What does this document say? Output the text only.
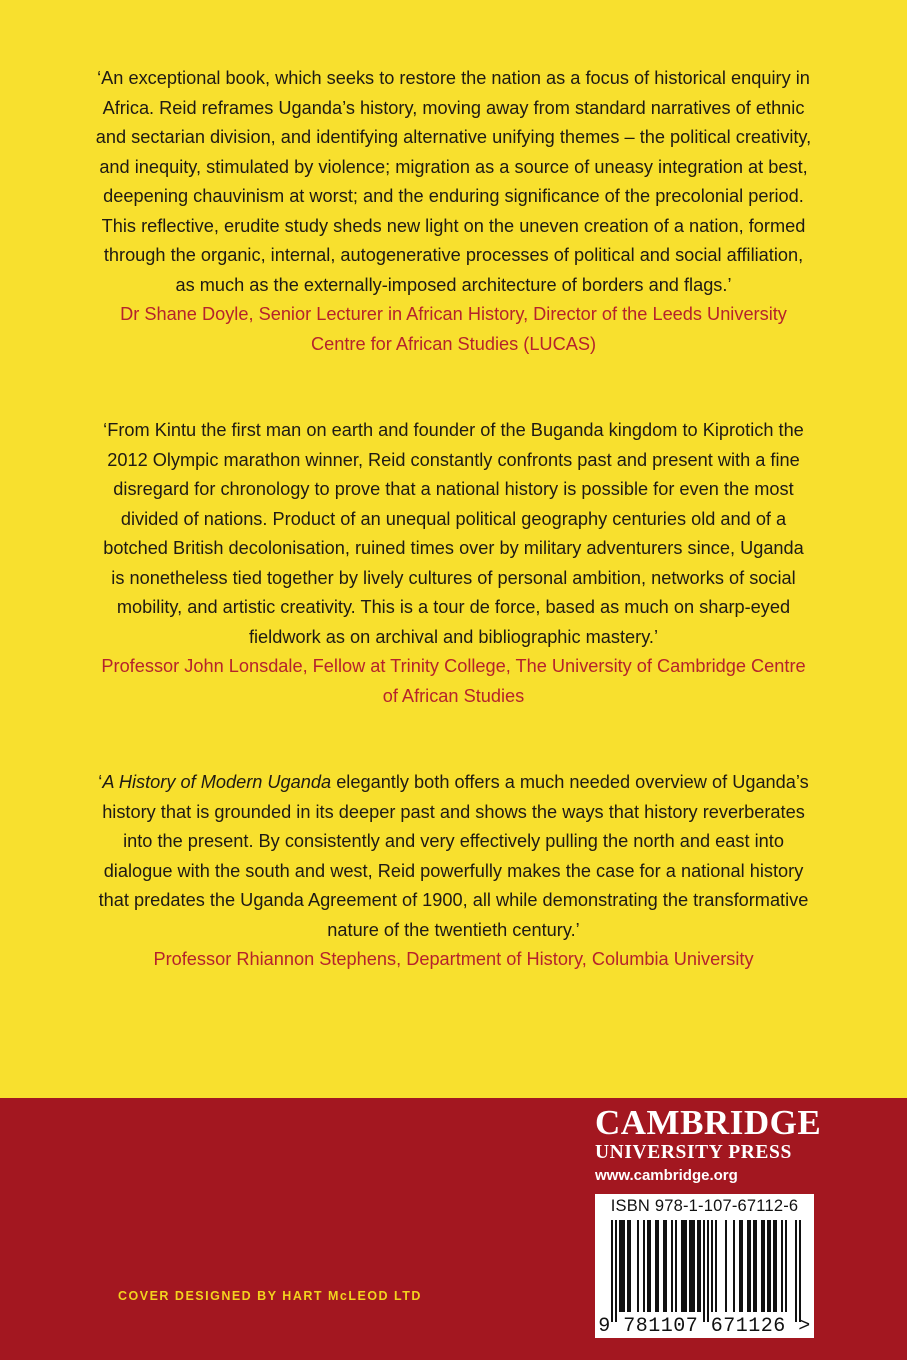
‘An exceptional book, which seeks to restore the nation as a focus of historical enquiry in Africa. Reid reframes Uganda’s history, moving away from standard narratives of ethnic and sectarian division, and identifying alternative unifying themes – the political creativity, and inequity, stimulated by violence; migration as a source of uneasy integration at best, deepening chauvinism at worst; and the enduring significance of the precolonial period. This reflective, erudite study sheds new light on the uneven creation of a nation, formed through the organic, internal, autogenerative processes of political and social affiliation, as much as the externally-imposed architecture of borders and flags.’

Dr Shane Doyle, Senior Lecturer in African History, Director of the Leeds University Centre for African Studies (LUCAS)

‘From Kintu the first man on earth and founder of the Buganda kingdom to Kiprotich the 2012 Olympic marathon winner, Reid constantly confronts past and present with a fine disregard for chronology to prove that a national history is possible for even the most divided of nations. Product of an unequal political geography centuries old and of a botched British decolonisation, ruined times over by military adventurers since, Uganda is nonetheless tied together by lively cultures of personal ambition, networks of social mobility, and artistic creativity. This is a tour de force, based as much on sharp-eyed fieldwork as on archival and bibliographic mastery.’

Professor John Lonsdale, Fellow at Trinity College, The University of Cambridge Centre of African Studies

‘A History of Modern Uganda elegantly both offers a much needed overview of Uganda’s history that is grounded in its deeper past and shows the ways that history reverberates into the present. By consistently and very effectively pulling the north and east into dialogue with the south and west, Reid powerfully makes the case for a national history that predates the Uganda Agreement of 1900, all while demonstrating the transformative nature of the twentieth century.’

Professor Rhiannon Stephens, Department of History, Columbia University

CAMBRIDGE

UNIVERSITY PRESS

www.cambridge.org

ISBN 978-1-107-67112-6
9 781107 671126 >
COVER DESIGNED BY HART McLEOD LTD
